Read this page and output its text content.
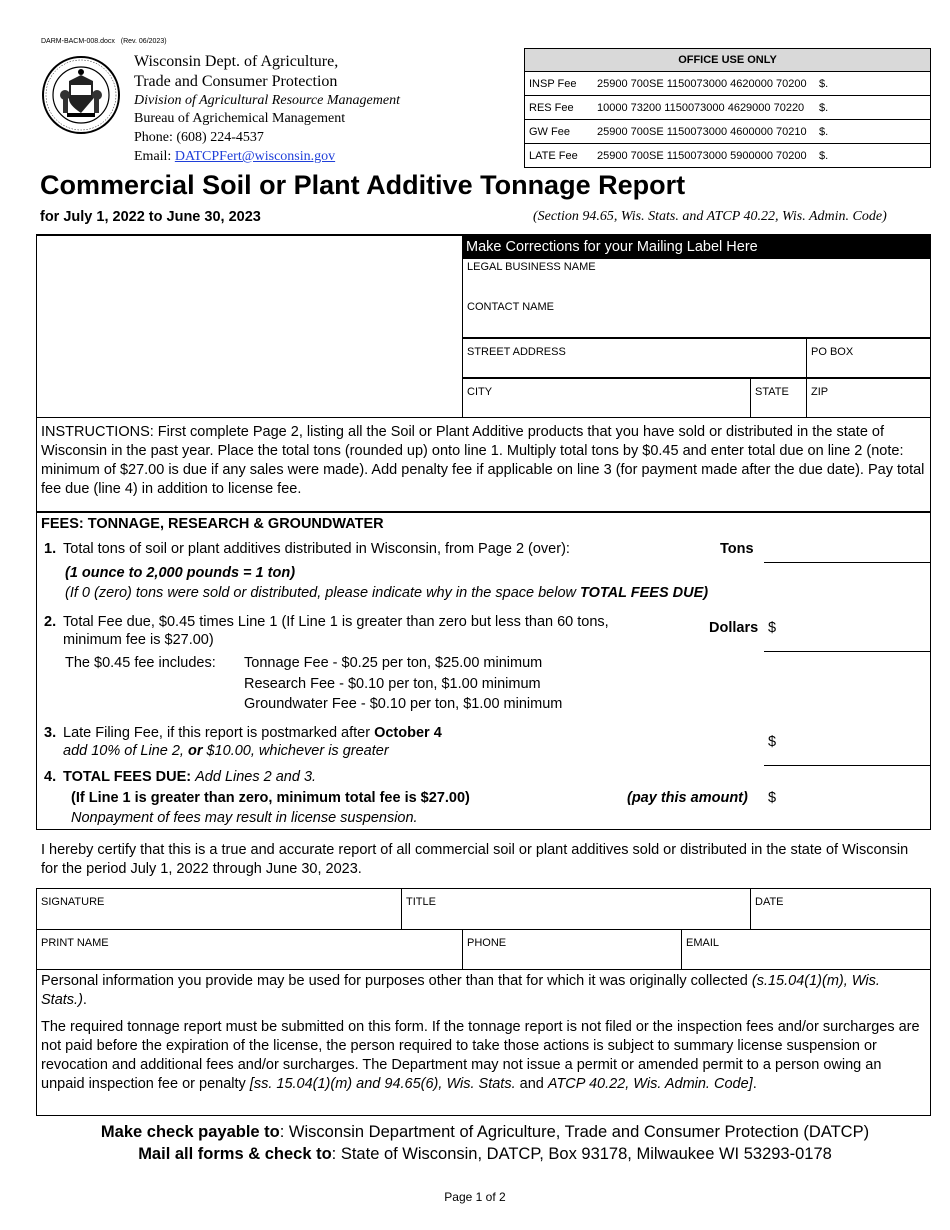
DARM-BACM-008.docx (Rev. 06/2023)
Wisconsin Dept. of Agriculture,
Trade and Consumer Protection
Division of Agricultural Resource Management
Bureau of Agrichemical Management
Phone: (608) 224-4537
Email: DATCPFert@wisconsin.gov
OFFICE USE ONLY
INSP Fee 25900 700SE 1150073000 4620000 70200 $.
RES Fee 10000 73200 1150073000 4629000 70220 $.
GW Fee 25900 700SE 1150073000 4600000 70210 $.
LATE Fee 25900 700SE 1150073000 5900000 70200 $.
Commercial Soil or Plant Additive Tonnage Report
for July 1, 2022 to June 30, 2023	(Section 94.65, Wis. Stats. and ATCP 40.22, Wis. Admin. Code)
Make Corrections for your Mailing Label Here
LEGAL BUSINESS NAME
CONTACT NAME
STREET ADDRESS	PO BOX
CITY	STATE ZIP

INSTRUCTIONS: First complete Page 2, listing all the Soil or Plant Additive products that you have sold or distributed in the state of Wisconsin in the past year. Place the total tons (rounded up) onto line 1. Multiply total tons by $0.45 and enter total due on line 2 (note: minimum of $27.00 is due if any sales were made). Add penalty fee if applicable on line 3 (for payment made after the due date). Pay total fee due (line 4) in addition to license fee.

FEES: TONNAGE, RESEARCH & GROUNDWATER
1. Total tons of soil or plant additives distributed in Wisconsin, from Page 2 (over):	Tons
(1 ounce to 2,000 pounds = 1 ton)
(If 0 (zero) tons were sold or distributed, please indicate why in the space below TOTAL FEES DUE)
2. Total Fee due, $0.45 times Line 1 (If Line 1 is greater than zero but less than 60 tons,
minimum fee is $27.00)
Dollars $
The $0.45 fee includes: Tonnage Fee - $0.25 per ton, $25.00 minimum
Research Fee - $0.10 per ton, $1.00 minimum
Groundwater Fee - $0.10 per ton, $1.00 minimum
3. Late Filing Fee, if this report is postmarked after October 4
add 10% of Line 2, or $10.00, whichever is greater
$
4. TOTAL FEES DUE: Add Lines 2 and 3.
(If Line 1 is greater than zero, minimum total fee is $27.00)	(pay this amount) $
Nonpayment of fees may result in license suspension.

I hereby certify that this is a true and accurate report of all commercial soil or plant additives sold or distributed in the state of Wisconsin for the period July 1, 2022 through June 30, 2023.

SIGNATURE	TITLE	DATE
PRINT NAME	PHONE	EMAIL

Personal information you provide may be used for purposes other than that for which it was originally collected (s.15.04(1)(m), Wis. Stats.).

The required tonnage report must be submitted on this form. If the tonnage report is not filed or the inspection fees and/or surcharges are not paid before the expiration of the license, the person required to take those actions is subject to summary license suspension or revocation and additional fees and/or surcharges. The Department may not issue a permit or amended permit to a person owing an unpaid inspection fee or penalty [ss. 15.04(1)(m) and 94.65(6), Wis. Stats. and ATCP 40.22, Wis. Admin. Code].

Make check payable to: Wisconsin Department of Agriculture, Trade and Consumer Protection (DATCP)
Mail all forms & check to: State of Wisconsin, DATCP, Box 93178, Milwaukee WI 53293-0178
Page 1 of 2
